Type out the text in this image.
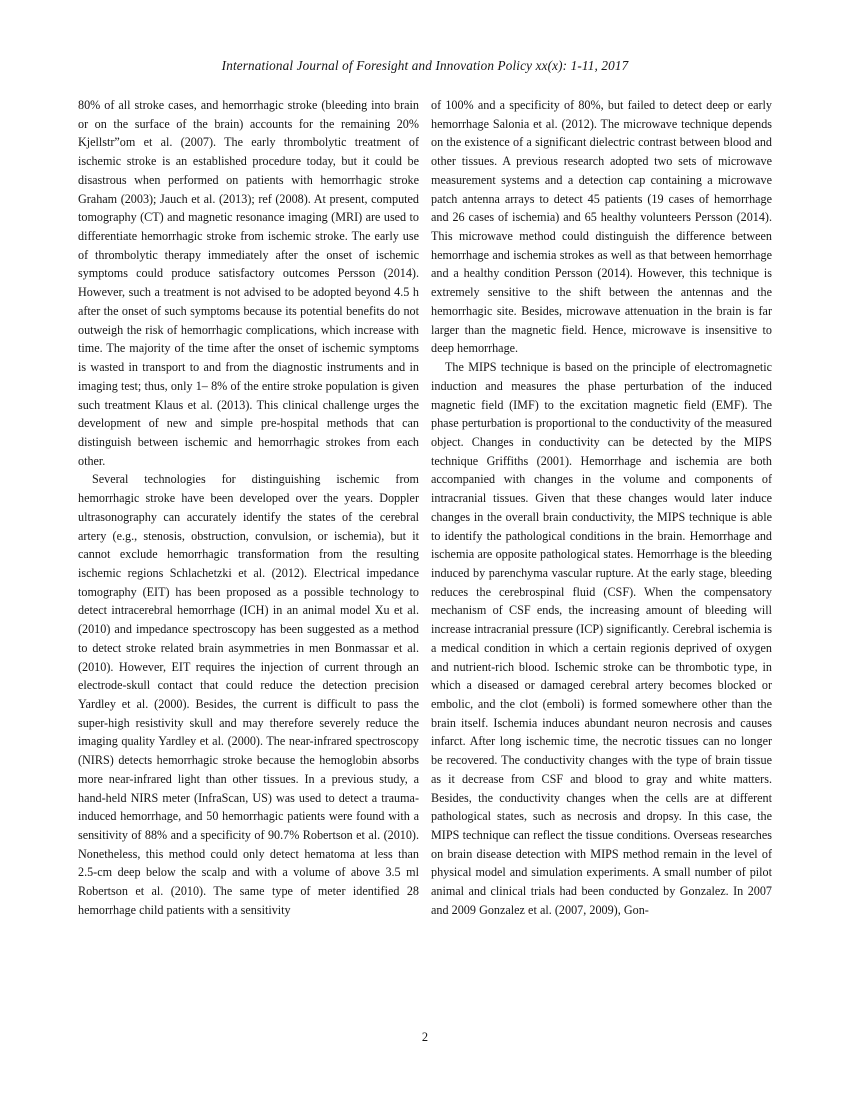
International Journal of Foresight and Innovation Policy xx(x): 1-11, 2017

80% of all stroke cases, and hemorrhagic stroke (bleeding into brain or on the surface of the brain) accounts for the remaining 20% Kjellstr”om et al. (2007). The early thrombolytic treatment of ischemic stroke is an established procedure today, but it could be disastrous when performed on patients with hemorrhagic stroke Graham (2003); Jauch et al. (2013); ref (2008). At present, computed tomography (CT) and magnetic resonance imaging (MRI) are used to differentiate hemorrhagic stroke from ischemic stroke. The early use of thrombolytic therapy immediately after the onset of ischemic symptoms could produce satisfactory outcomes Persson (2014). However, such a treatment is not advised to be adopted beyond 4.5 h after the onset of such symptoms because its potential benefits do not outweigh the risk of hemorrhagic complications, which increase with time. The majority of the time after the onset of ischemic symptoms is wasted in transport to and from the diagnostic instruments and in imaging test; thus, only 1– 8% of the entire stroke population is given such treatment Klaus et al. (2013). This clinical challenge urges the development of new and simple pre-hospital methods that can distinguish between ischemic and hemorrhagic strokes from each other.

Several technologies for distinguishing ischemic from hemorrhagic stroke have been developed over the years. Doppler ultrasonography can accurately identify the states of the cerebral artery (e.g., stenosis, obstruction, convulsion, or ischemia), but it cannot exclude hemorrhagic transformation from the resulting ischemic regions Schlachetzki et al. (2012). Electrical impedance tomography (EIT) has been proposed as a possible technology to detect intracerebral hemorrhage (ICH) in an animal model Xu et al. (2010) and impedance spectroscopy has been suggested as a method to detect stroke related brain asymmetries in men Bonmassar et al. (2010). However, EIT requires the injection of current through an electrode-skull contact that could reduce the detection precision Yardley et al. (2000). Besides, the current is difficult to pass the super-high resistivity skull and may therefore severely reduce the imaging quality Yardley et al. (2000). The near-infrared spectroscopy (NIRS) detects hemorrhagic stroke because the hemoglobin absorbs more near-infrared light than other tissues. In a previous study, a hand-held NIRS meter (InfraScan, US) was used to detect a trauma-induced hemorrhage, and 50 hemorrhagic patients were found with a sensitivity of 88% and a specificity of 90.7% Robertson et al. (2010). Nonetheless, this method could only detect hematoma at less than 2.5-cm deep below the scalp and with a volume of above 3.5 ml Robertson et al. (2010). The same type of meter identified 28 hemorrhage child patients with a sensitivity

of 100% and a specificity of 80%, but failed to detect deep or early hemorrhage Salonia et al. (2012). The microwave technique depends on the existence of a significant dielectric contrast between blood and other tissues. A previous research adopted two sets of microwave measurement systems and a detection cap containing a microwave patch antenna arrays to detect 45 patients (19 cases of hemorrhage and 26 cases of ischemia) and 65 healthy volunteers Persson (2014). This microwave method could distinguish the difference between hemorrhage and ischemia strokes as well as that between hemorrhage and a healthy condition Persson (2014). However, this technique is extremely sensitive to the shift between the antennas and the hemorrhagic site. Besides, microwave attenuation in the brain is far larger than the magnetic field. Hence, microwave is insensitive to deep hemorrhage.

The MIPS technique is based on the principle of electromagnetic induction and measures the phase perturbation of the induced magnetic field (IMF) to the excitation magnetic field (EMF). The phase perturbation is proportional to the conductivity of the measured object. Changes in conductivity can be detected by the MIPS technique Griffiths (2001). Hemorrhage and ischemia are both accompanied with changes in the volume and components of intracranial tissues. Given that these changes would later induce changes in the overall brain conductivity, the MIPS technique is able to identify the pathological conditions in the brain. Hemorrhage and ischemia are opposite pathological states. Hemorrhage is the bleeding induced by parenchyma vascular rupture. At the early stage, bleeding reduces the cerebrospinal fluid (CSF). When the compensatory mechanism of CSF ends, the increasing amount of bleeding will increase intracranial pressure (ICP) significantly. Cerebral ischemia is a medical condition in which a certain regionis deprived of oxygen and nutrient-rich blood. Ischemic stroke can be thrombotic type, in which a diseased or damaged cerebral artery becomes blocked or embolic, and the clot (emboli) is formed somewhere other than the brain itself. Ischemia induces abundant neuron necrosis and causes infarct. After long ischemic time, the necrotic tissues can no longer be recovered. The conductivity changes with the type of brain tissue as it decrease from CSF and blood to gray and white matters. Besides, the conductivity changes when the cells are at different pathological states, such as necrosis and dropsy. In this case, the MIPS technique can reflect the tissue conditions. Overseas researches on brain disease detection with MIPS method remain in the level of physical model and simulation experiments. A small number of pilot animal and clinical trials had been conducted by Gonzalez. In 2007 and 2009 Gonzalez et al. (2007, 2009), Gon-

2
